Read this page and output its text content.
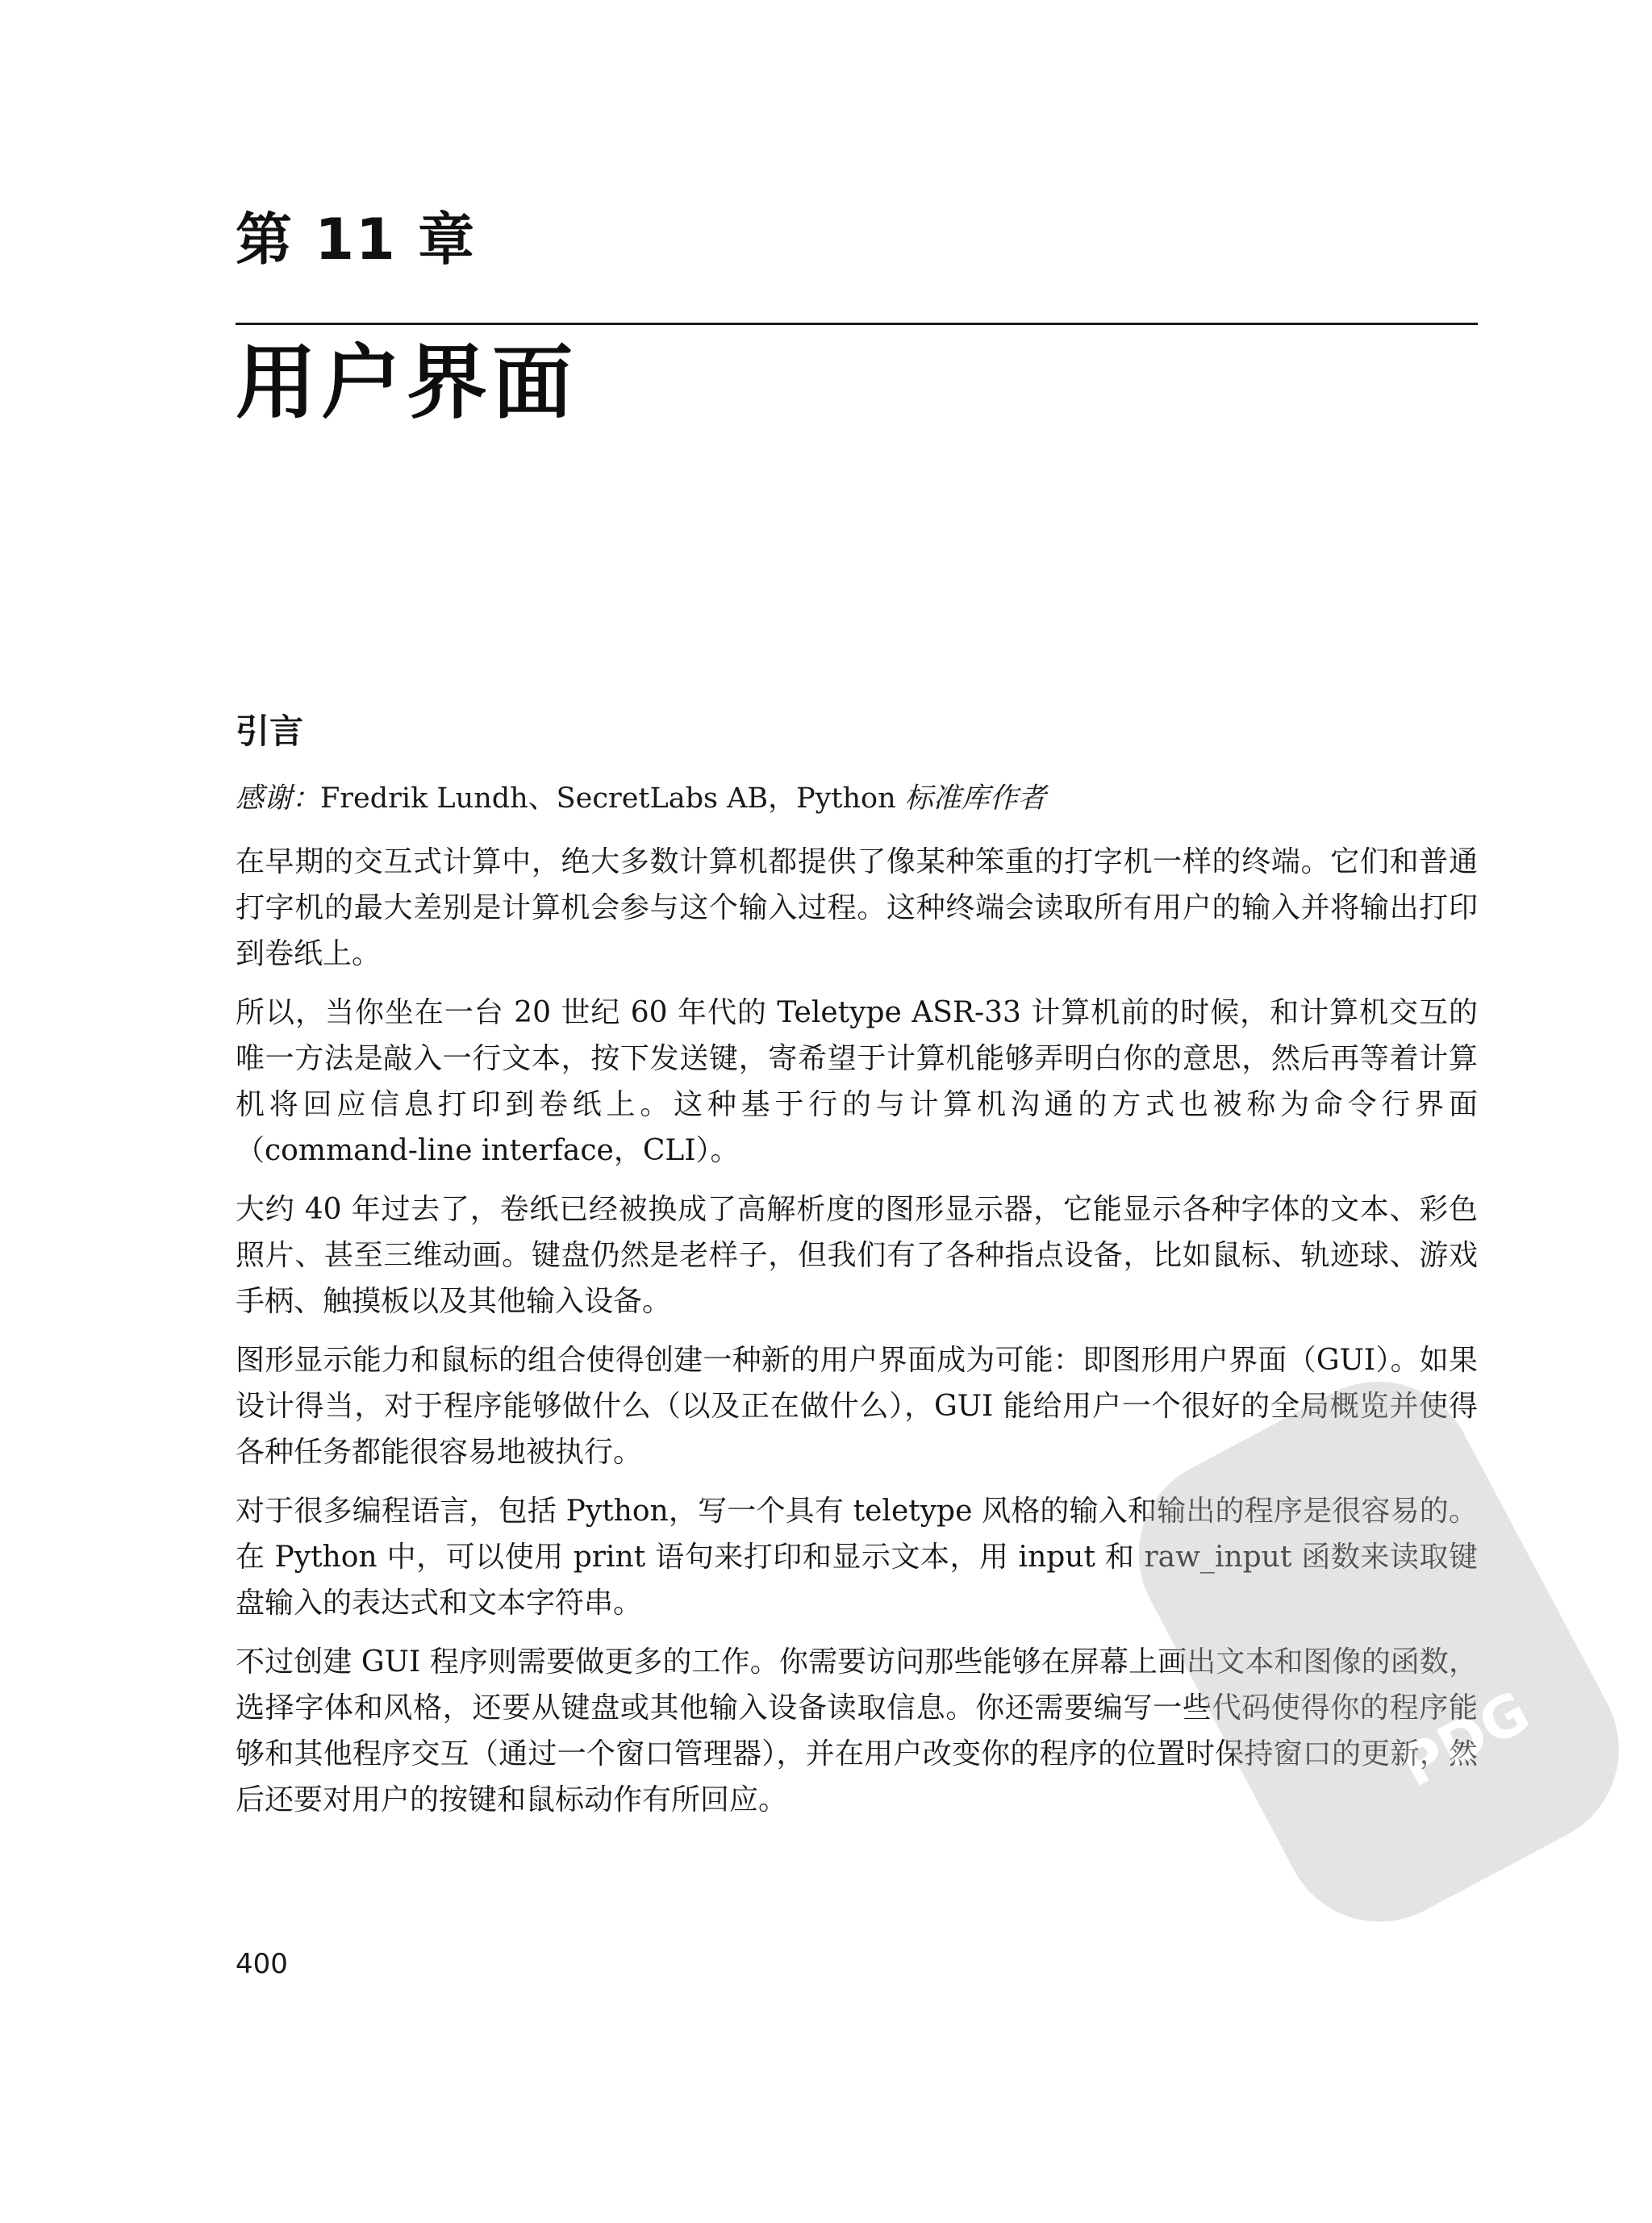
第 11 章
用户界面
引言

感谢：Fredrik Lundh、SecretLabs AB，Python 标准库作者

在早期的交互式计算中，绝大多数计算机都提供了像某种笨重的打字机一样的终端。它们和普通打字机的最大差别是计算机会参与这个输入过程。这种终端会读取所有用户的输入并将输出打印到卷纸上。

所以，当你坐在一台 20 世纪 60 年代的 Teletype ASR-33 计算机前的时候，和计算机交互的唯一方法是敲入一行文本，按下发送键，寄希望于计算机能够弄明白你的意思，然后再等着计算机将回应信息打印到卷纸上。这种基于行的与计算机沟通的方式也被称为命令行界面（command-line interface，CLI）。

大约 40 年过去了，卷纸已经被换成了高解析度的图形显示器，它能显示各种字体的文本、彩色照片、甚至三维动画。键盘仍然是老样子，但我们有了各种指点设备，比如鼠标、轨迹球、游戏手柄、触摸板以及其他输入设备。

图形显示能力和鼠标的组合使得创建一种新的用户界面成为可能：即图形用户界面（GUI）。如果设计得当，对于程序能够做什么（以及正在做什么），GUI 能给用户一个很好的全局概览并使得各种任务都能很容易地被执行。

对于很多编程语言，包括 Python，写一个具有 teletype 风格的输入和输出的程序是很容易的。在 Python 中，可以使用 print 语句来打印和显示文本，用 input 和 raw_input 函数来读取键盘输入的表达式和文本字符串。

不过创建 GUI 程序则需要做更多的工作。你需要访问那些能够在屏幕上画出文本和图像的函数，选择字体和风格，还要从键盘或其他输入设备读取信息。你还需要编写一些代码使得你的程序能够和其他程序交互（通过一个窗口管理器），并在用户改变你的程序的位置时保持窗口的更新，然后还要对用户的按键和鼠标动作有所回应。

400
PDG
